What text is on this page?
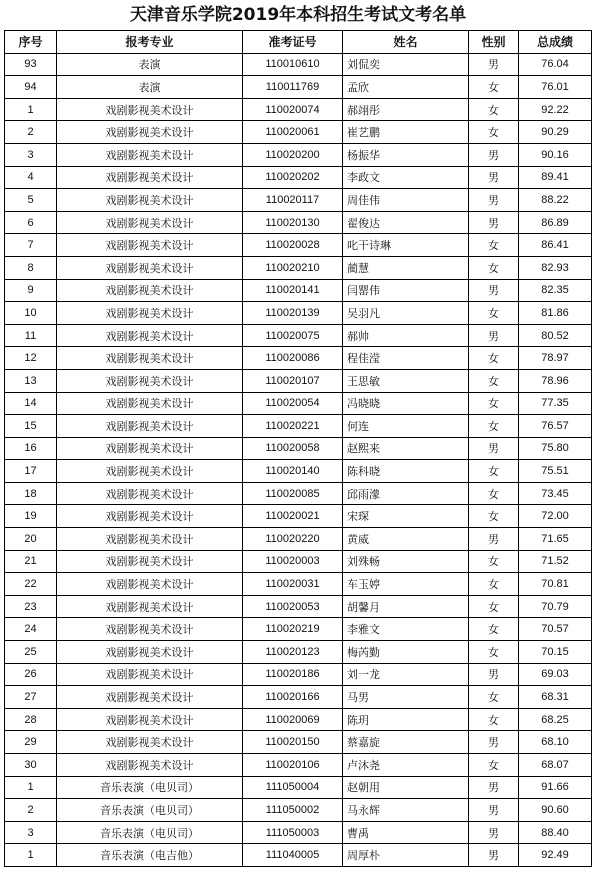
天津音乐学院2019年本科招生考试文考名单
序号	报考专业	准考证号	姓名	性别	总成绩
93	表演	110010610	刘侃奕	男	76.04
94	表演	110011769	孟欣	女	76.01
1	戏剧影视美术设计	110020074	郝翊彤	女	92.22
2	戏剧影视美术设计	110020061	崔艺鹏	女	90.29
3	戏剧影视美术设计	110020200	杨振华	男	90.16
4	戏剧影视美术设计	110020202	李政文	男	89.41
5	戏剧影视美术设计	110020117	周佳伟	男	88.22
6	戏剧影视美术设计	110020130	翟俊达	男	86.89
7	戏剧影视美术设计	110020028	叱干诗琳	女	86.41
8	戏剧影视美术设计	110020210	蔺慧	女	82.93
9	戏剧影视美术设计	110020141	闫罂伟	男	82.35
10	戏剧影视美术设计	110020139	吴羽凡	女	81.86
11	戏剧影视美术设计	110020075	郝帅	男	80.52
12	戏剧影视美术设计	110020086	程佳滢	女	78.97
13	戏剧影视美术设计	110020107	王思敏	女	78.96
14	戏剧影视美术设计	110020054	冯晓晓	女	77.35
15	戏剧影视美术设计	110020221	何连	女	76.57
16	戏剧影视美术设计	110020058	赵熙来	男	75.80
17	戏剧影视美术设计	110020140	陈科晓	女	75.51
18	戏剧影视美术设计	110020085	邱雨濛	女	73.45
19	戏剧影视美术设计	110020021	宋琛	女	72.00
20	戏剧影视美术设计	110020220	黄威	男	71.65
21	戏剧影视美术设计	110020003	刘殊畅	女	71.52
22	戏剧影视美术设计	110020031	车玉婷	女	70.81
23	戏剧影视美术设计	110020053	胡馨月	女	70.79
24	戏剧影视美术设计	110020219	李雅文	女	70.57
25	戏剧影视美术设计	110020123	梅芮勤	女	70.15
26	戏剧影视美术设计	110020186	刘一龙	男	69.03
27	戏剧影视美术设计	110020166	马男	女	68.31
28	戏剧影视美术设计	110020069	陈玥	女	68.25
29	戏剧影视美术设计	110020150	蔡嘉旋	男	68.10
30	戏剧影视美术设计	110020106	卢沐尧	女	68.07
1	音乐表演（电贝司）	111050004	赵朝用	男	91.66
2	音乐表演（电贝司）	111050002	马永辉	男	90.60
3	音乐表演（电贝司）	111050003	曹禹	男	88.40
1	音乐表演（电吉他）	111040005	周厚朴	男	92.49
